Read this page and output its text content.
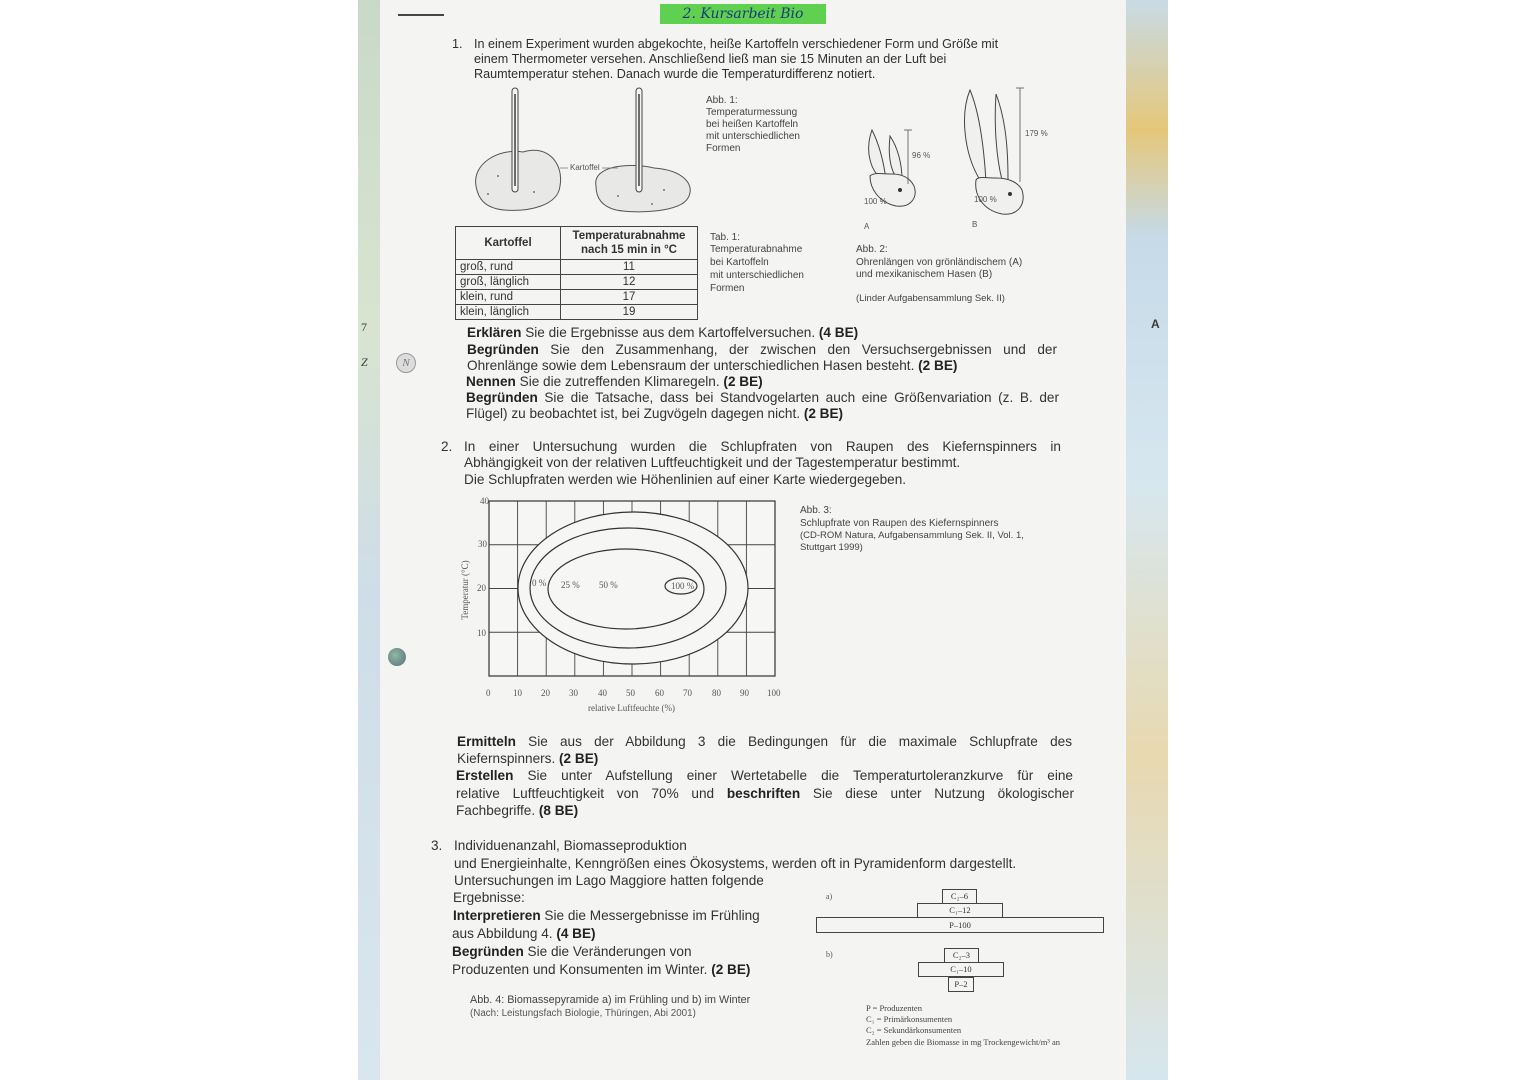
7
Z
A
2. Kursarbeit Bio
N
1. In einem Experiment wurden abgekochte, heiße Kartoffeln verschiedener Form und Größe mit
einem Thermometer versehen. Anschließend ließ man sie 15 Minuten an der Luft bei
Raumtemperatur stehen. Danach wurde die Temperaturdifferenz notiert.
Kartoffel
Abb. 1:
Temperaturmessung
bei heißen Kartoffeln
mit unterschiedlichen
Formen
Kartoffel	Temperaturabnahme
nach 15 min in °C

groß, rund	11
groß, länglich	12
klein, rund	17
klein, länglich	19
Tab. 1:
Temperaturabnahme
bei Kartoffeln
mit unterschiedlichen
Formen
96 %
179 %
100 %	100 %
A	B
Abb. 2:
Ohrenlängen von grönländischem (A)
und mexikanischem Hasen (B)
(Linder Aufgabensammlung Sek. II)
Erklären Sie die Ergebnisse aus dem Kartoffelversuchen. (4 BE)
Begründen Sie den Zusammenhang, der zwischen den Versuchsergebnissen und der
Ohrenlänge sowie dem Lebensraum der unterschiedlichen Hasen besteht. (2 BE)
Nennen Sie die zutreffenden Klimaregeln. (2 BE)
Begründen Sie die Tatsache, dass bei Standvogelarten auch eine Größenvariation (z. B. der
Flügel) zu beobachtet ist, bei Zugvögeln dagegen nicht. (2 BE)
2. In einer Untersuchung wurden die Schlupfraten von Raupen des Kiefernspinners in
Abhängigkeit von der relativen Luftfeuchtigkeit und der Tagestemperatur bestimmt.
Die Schlupfraten werden wie Höhenlinien auf einer Karte wiedergegeben.
0 % 25 % 50 %	100 %
40
30
20
10
Temperatur (°C)
0	10 20 30 40 50 60 70 80 90 100
relative Luftfeuchte (%)
Abb. 3:
Schlupfrate von Raupen des Kiefernspinners
(CD-ROM Natura, Aufgabensammlung Sek. II, Vol. 1,
Stuttgart 1999)
Ermitteln Sie aus der Abbildung 3 die Bedingungen für die maximale Schlupfrate des
Kiefernspinners. (2 BE)
Erstellen Sie unter Aufstellung einer Wertetabelle die Temperaturtoleranzkurve für eine
relative Luftfeuchtigkeit von 70% und beschriften Sie diese unter Nutzung ökologischer
Fachbegriffe. (8 BE)
3. Individuenanzahl, Biomasseproduktion
und Energieinhalte, Kenngrößen eines Ökosystems, werden oft in Pyramidenform dargestellt.
Untersuchungen im Lago Maggiore hatten folgende
Ergebnisse:
Interpretieren Sie die Messergebnisse im Frühling
aus Abbildung 4. (4 BE)
Begründen Sie die Veränderungen von
Produzenten und Konsumenten im Winter. (2 BE)
Abb. 4: Biomassepyramide a) im Frühling und b) im Winter
(Nach: Leistungsfach Biologie, Thüringen, Abi 2001)
a)	C₂–6
C₁–12
P–100
b)	C₂–3
C₁–10
P–2
P = Produzenten
C₁ = Primärkonsumenten
C₂ = Sekundärkonsumenten
Zahlen geben die Biomasse in mg Trockengewicht/m³ an
